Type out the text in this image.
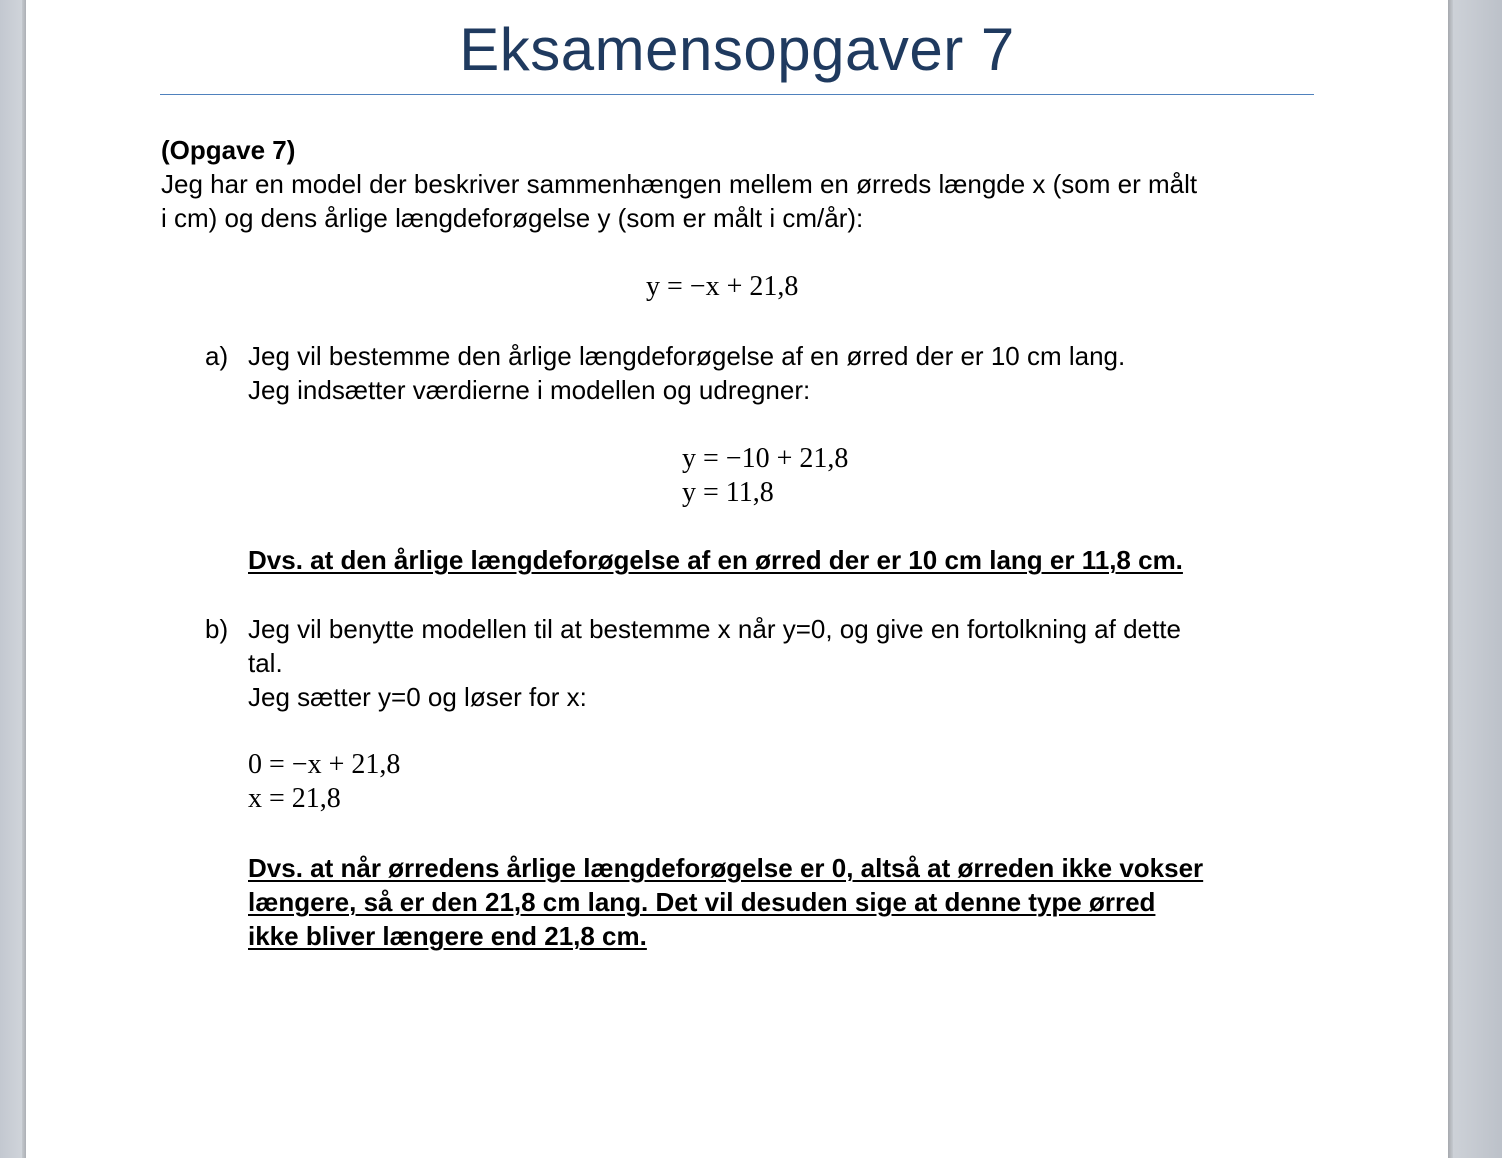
Eksamensopgaver 7
(Opgave 7)
Jeg har en model der beskriver sammenhængen mellem en ørreds længde x (som er målt
i cm) og dens årlige længdeforøgelse y (som er målt i cm/år):
y = −x + 21,8
a) Jeg vil bestemme den årlige længdeforøgelse af en ørred der er 10 cm lang.
Jeg indsætter værdierne i modellen og udregner:
y = −10 + 21,8
y = 11,8
Dvs. at den årlige længdeforøgelse af en ørred der er 10 cm lang er 11,8 cm.
b) Jeg vil benytte modellen til at bestemme x når y=0, og give en fortolkning af dette
tal.
Jeg sætter y=0 og løser for x:
0 = −x + 21,8
x = 21,8
Dvs. at når ørredens årlige længdeforøgelse er 0, altså at ørreden ikke vokser
længere, så er den 21,8 cm lang. Det vil desuden sige at denne type ørred
ikke bliver længere end 21,8 cm.
